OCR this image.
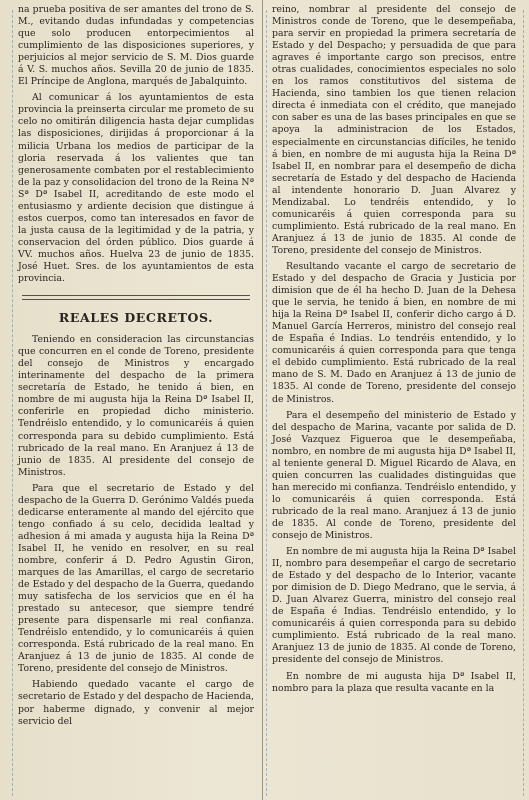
na prueba positiva de ser amantes del trono de S. M., evitando dudas infundadas y competencias que solo producen entorpecimientos al cumplimiento de las disposiciones superiores, y perjuicios al mejor servicio de S. M. Dios guarde á V. S. muchos años. Sevilla 20 de junio de 1835. El Príncipe de Anglona, marqués de Jabalquinto.

Al comunicar á los ayuntamientos de esta provincia la preinserta circular me prometo de su celo no omitirán diligencia hasta dejar cumplidas las disposiciones, dirijidas á proporcionar á la milicia Urbana los medios de participar de la gloria reservada á los valientes que tan generosamente combaten por el restablecimiento de la paz y consolidacion del trono de la Reina Nª Sª Dª Isabel II, acreditando de este modo el entusiasmo y ardiente decision que distingue á estos cuerpos, como tan interesados en favor de la justa causa de la legitimidad y de la patria, y conservacion del órden público. Dios guarde á VV. muchos años. Huelva 23 de junio de 1835. José Huet. Sres. de los ayuntamientos de esta provincia.

REALES DECRETOS.

Teniendo en consideracion las circunstancias que concurren en el conde de Toreno, presidente del consejo de Ministros y encargado interinamente del despacho de la primera secretaría de Estado, he tenido á bien, en nombre de mi augusta hija la Reina Dª Isabel II, conferirle en propiedad dicho ministerio. Tendréislo entendido, y lo comunicaréis á quien corresponda para su debido cumplimiento. Está rubricado de la real mano. En Aranjuez á 13 de junio de 1835. Al presidente del consejo de Ministros.

Para que el secretario de Estado y del despacho de la Guerra D. Gerónimo Valdés pueda dedicarse enteramente al mando del ejército que tengo confiado á su celo, decidida lealtad y adhesion á mi amada y augusta hija la Reina Dª Isabel II, he venido en resolver, en su real nombre, conferir á D. Pedro Agustin Giron, marques de las Amarillas, el cargo de secretario de Estado y del despacho de la Guerra, quedando muy satisfecha de los servicios que en él ha prestado su antecesor, que siempre tendré presente para dispensarle mi real confianza. Tendréislo entendido, y lo comunicaréis á quien corresponda. Está rubricado de la real mano. En Aranjuez á 13 de junio de 1835. Al conde de Toreno, presidente del consejo de Ministros.

Habiendo quedado vacante el cargo de secretario de Estado y del despacho de Hacienda, por haberme dignado, y convenir al mejor servicio del

reino, nombrar al presidente del consejo de Ministros conde de Toreno, que le desempeñaba, para servir en propiedad la primera secretaría de Estado y del Despacho; y persuadida de que para agraves é importante cargo son precisos, entre otras cualidades, conocimientos especiales no solo en los ramos constitutivos del sistema de Hacienda, sino tambien los que tienen relacion directa é inmediata con el crédito, que manejado con saber es una de las bases principales en que se apoya la administracion de los Estados, especialmente en circunstancias difíciles, he tenido á bien, en nombre de mi augusta hija la Reina Dª Isabel II, en nombrar para el desempeño de dicha secretaría de Estado y del despacho de Hacienda al intendente honorario D. Juan Alvarez y Mendizabal. Lo tendréis entendido, y lo comunicaréis á quien corresponda para su cumplimiento. Está rubricado de la real mano. En Aranjuez á 13 de junio de 1835. Al conde de Toreno, presidente del consejo de Ministros.

Resultando vacante el cargo de secretario de Estado y del despacho de Gracia y Justicia por dimision que de él ha hecho D. Juan de la Dehesa que le servia, he tenido á bien, en nombre de mi hija la Reina Dª Isabel II, conferir dicho cargo á D. Manuel García Herreros, ministro del consejo real de España é Indias. Lo tendréis entendido, y lo comunicaréis á quien corresponda para que tenga el debido cumplimiento. Está rubricado de la real mano de S. M. Dado en Aranjuez á 13 de junio de 1835. Al conde de Toreno, presidente del consejo de Ministros.

Para el desempeño del ministerio de Estado y del despacho de Marina, vacante por salida de D. José Vazquez Figueroa que le desempeñaba, nombro, en nombre de mi augusta hija Dª Isabel II, al teniente general D. Miguel Ricardo de Alava, en quien concurren las cualidades distinguidas que han merecido mi confianza. Tendréislo entendido, y lo comunicaréis á quien corresponda. Está rubricado de la real mano. Aranjuez á 13 de junio de 1835. Al conde de Toreno, presidente del consejo de Ministros.

En nombre de mi augusta hija la Reina Dª Isabel II, nombro para desempeñar el cargo de secretario de Estado y del despacho de lo Interior, vacante por dimision de D. Diego Medrano, que le servia, á D. Juan Alvarez Guerra, ministro del consejo real de España é Indias. Tendréislo entendido, y lo comunicaréis á quien corresponda para su debido cumplimiento. Está rubricado de la real mano. Aranjuez 13 de junio de 1835. Al conde de Toreno, presidente del consejo de Ministros.

En nombre de mi augusta hija Dª Isabel II, nombro para la plaza que resulta vacante en la
